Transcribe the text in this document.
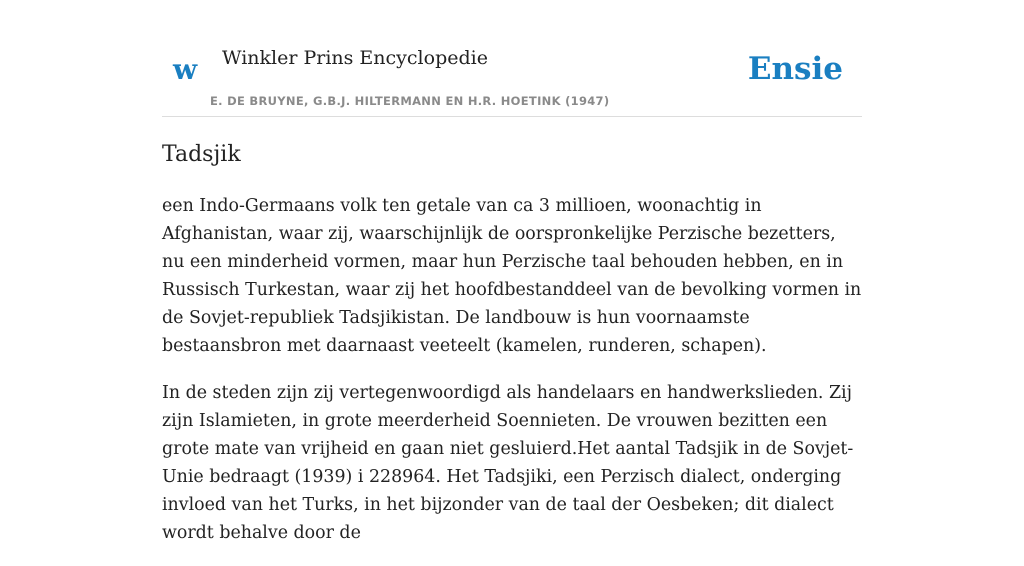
w Winkler Prins Encyclopedie
E. DE BRUYNE, G.B.J. HILTERMANN EN H.R. HOETINK (1947)
Ensie
Tadsjik

een Indo-Germaans volk ten getale van ca 3 millioen, woonachtig in Afghanistan, waar zij, waarschijnlijk de oorspronkelijke Perzische bezetters, nu een minderheid vormen, maar hun Perzische taal behouden hebben, en in Russisch Turkestan, waar zij het hoofdbestanddeel van de bevolking vormen in de Sovjet-republiek Tadsjikistan. De landbouw is hun voornaamste bestaansbron met daarnaast veeteelt (kamelen, runderen, schapen).

In de steden zijn zij vertegenwoordigd als handelaars en handwerkslieden. Zij zijn Islamieten, in grote meerderheid Soennieten. De vrouwen bezitten een grote mate van vrijheid en gaan niet gesluierd.Het aantal Tadsjik in de Sovjet-Unie bedraagt (1939) i 228964. Het Tadsjiki, een Perzisch dialect, onderging invloed van het Turks, in het bijzonder van de taal der Oesbeken; dit dialect wordt behalve door de
